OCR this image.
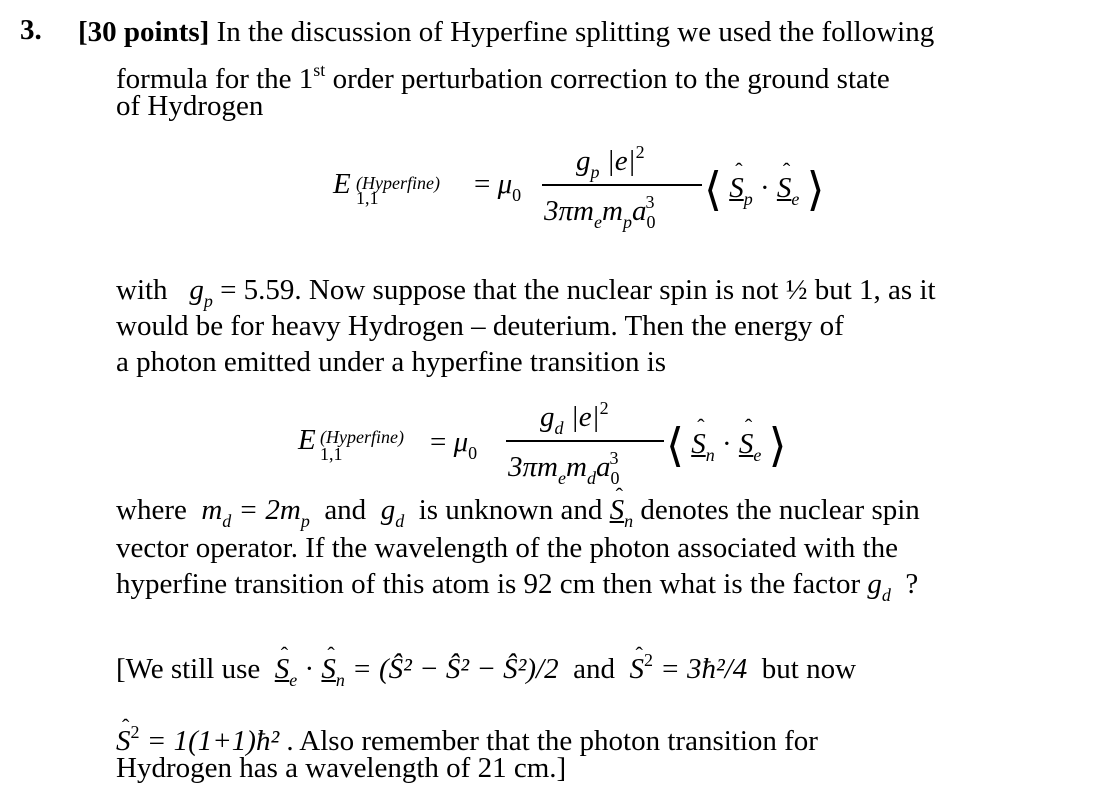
3. [30 points] In the discussion of Hyperfine splitting we used the following
formula for the 1st order perturbation correction to the ground state
of Hydrogen
E (Hyperfine)
1,1	= $\mu_0$
$g_p$ $|e|^2$
$3\pi m_em_pa_0^3$ ⟨ ˆ $S_p$ · ˆ $S_e$ ⟩
with $g_p = 5.59$. Now suppose that the nuclear spin is not ½ but 1, as it
would be for heavy Hydrogen – deuterium. Then the energy of
a photon emitted under a hyperfine transition is
E (Hyperfine)
1,1	= $\mu_0$
$g_d$ $|e|^2$
$3\pi m_em_da_0^3$ ⟨ ˆ $S_n$ · ˆ $S_e$ ⟩
where $m_d = 2m_p$ and $g_d$ is unknown and ˆ $S_n$ denotes the nuclear spin
vector operator. If the wavelength of the photon associated with the
hyperfine transition of this atom is 92 cm then what is the factor $g_d$ ?
[We still use ˆ $S_e$ · ˆ $S_n$ = (Ŝ² − Ŝ² − Ŝ²)/2 and ˆ $S^2$ = 3ħ²/4 but now
ˆ $S^2$ = 1(1+1)ħ² . Also remember that the photon transition for
Hydrogen has a wavelength of 21 cm.]
